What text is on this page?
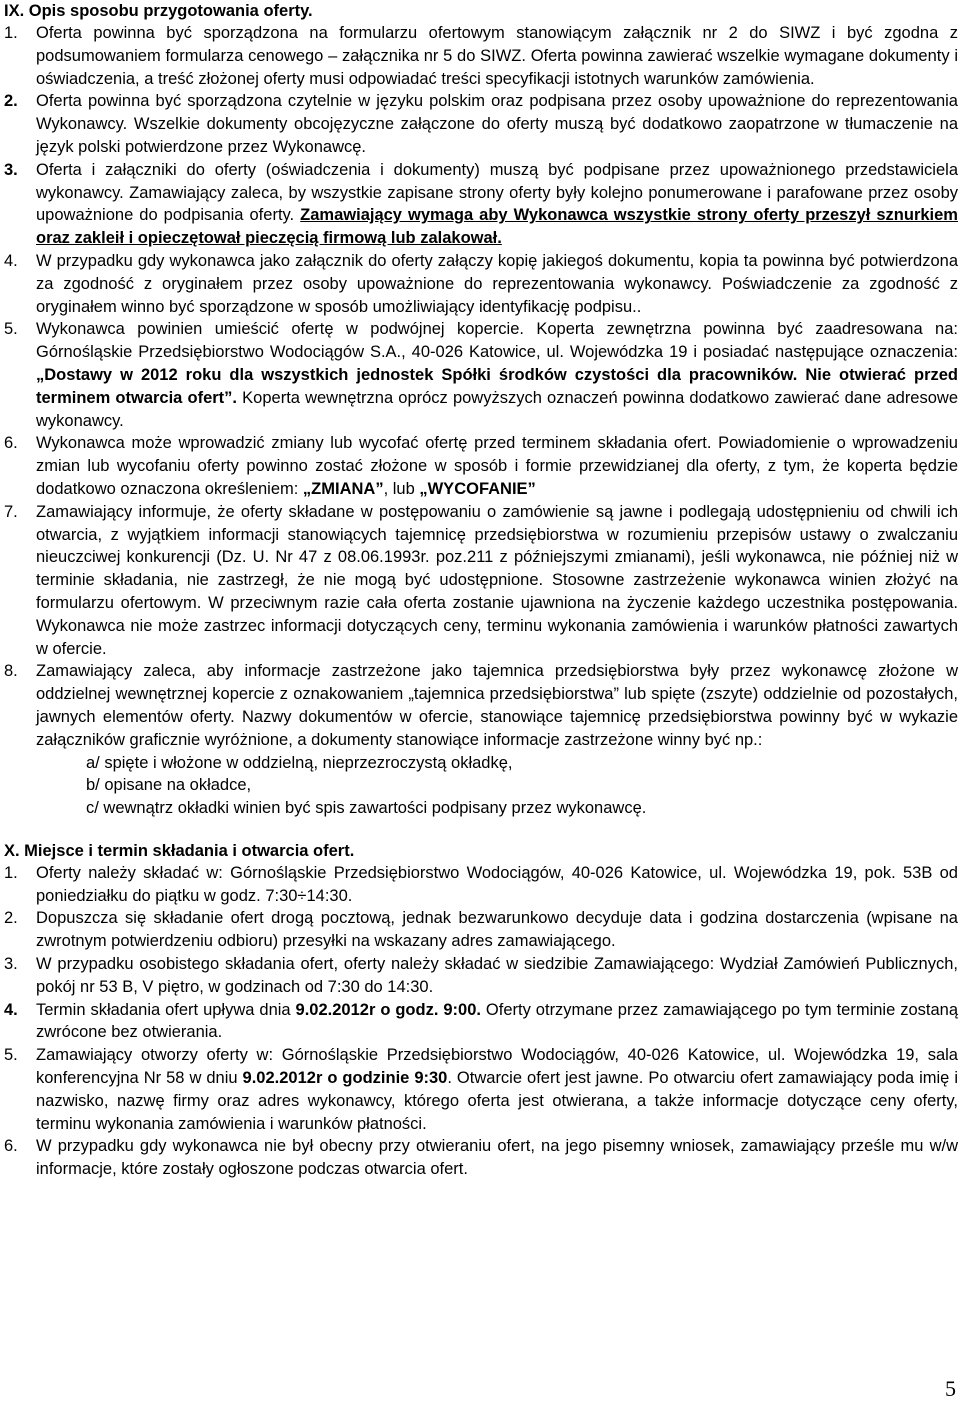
IX. Opis sposobu przygotowania oferty.
1.	Oferta powinna być sporządzona na formularzu ofertowym stanowiącym załącznik nr 2 do SIWZ i być zgodna z podsumowaniem formularza cenowego – załącznika nr 5 do SIWZ. Oferta powinna zawierać wszelkie wymagane dokumenty i oświadczenia, a treść złożonej oferty musi odpowiadać treści specyfikacji istotnych warunków zamówienia.
2.	Oferta powinna być sporządzona czytelnie w języku polskim oraz podpisana przez osoby upoważnione do reprezentowania Wykonawcy. Wszelkie dokumenty obcojęzyczne załączone do oferty muszą być dodatkowo zaopatrzone w tłumaczenie na język polski potwierdzone przez Wykonawcę.
3.	Oferta i załączniki do oferty (oświadczenia i dokumenty) muszą być podpisane przez upoważnionego przedstawiciela wykonawcy. Zamawiający zaleca, by wszystkie zapisane strony oferty były kolejno ponumerowane i parafowane przez osoby upoważnione do podpisania oferty. Zamawiający wymaga aby Wykonawca wszystkie strony oferty przeszył sznurkiem oraz zakleił i opieczętował pieczęcią firmową lub zalakował.
4.	W przypadku gdy wykonawca jako załącznik do oferty załączy kopię jakiegoś dokumentu, kopia ta powinna być potwierdzona za zgodność z oryginałem przez osoby upoważnione do reprezentowania wykonawcy. Poświadczenie za zgodność z oryginałem winno być sporządzone w sposób umożliwiający identyfikację podpisu..
5.	Wykonawca powinien umieścić ofertę w podwójnej kopercie. Koperta zewnętrzna powinna być zaadresowana na: Górnośląskie Przedsiębiorstwo Wodociągów S.A., 40-026 Katowice, ul. Wojewódzka 19 i posiadać następujące oznaczenia: „Dostawy w 2012 roku dla wszystkich jednostek Spółki środków czystości dla pracowników. Nie otwierać przed terminem otwarcia ofert”. Koperta wewnętrzna oprócz powyższych oznaczeń powinna dodatkowo zawierać dane adresowe wykonawcy.
6.	Wykonawca może wprowadzić zmiany lub wycofać ofertę przed terminem składania ofert. Powiadomienie o wprowadzeniu zmian lub wycofaniu oferty powinno zostać złożone w sposób i formie przewidzianej dla oferty, z tym, że koperta będzie dodatkowo oznaczona określeniem: „ZMIANA”, lub „WYCOFANIE”
7.	Zamawiający informuje, że oferty składane w postępowaniu o zamówienie są jawne i podlegają udostępnieniu od chwili ich otwarcia, z wyjątkiem informacji stanowiących tajemnicę przedsiębiorstwa w rozumieniu przepisów ustawy o zwalczaniu nieuczciwej konkurencji (Dz. U. Nr 47 z 08.06.1993r. poz.211 z późniejszymi zmianami), jeśli wykonawca, nie później niż w terminie składania, nie zastrzegł, że nie mogą być udostępnione. Stosowne zastrzeżenie wykonawca winien złożyć na formularzu ofertowym. W przeciwnym razie cała oferta zostanie ujawniona na życzenie każdego uczestnika postępowania. Wykonawca nie może zastrzec informacji dotyczących ceny, terminu wykonania zamówienia i warunków płatności zawartych w ofercie.
8.	Zamawiający zaleca, aby informacje zastrzeżone jako tajemnica przedsiębiorstwa były przez wykonawcę złożone w oddzielnej wewnętrznej kopercie z oznakowaniem „tajemnica przedsiębiorstwa” lub spięte (zszyte) oddzielnie od pozostałych, jawnych elementów oferty. Nazwy dokumentów w ofercie, stanowiące tajemnicę przedsiębiorstwa powinny być w wykazie załączników graficznie wyróżnione, a dokumenty stanowiące informacje zastrzeżone winny być np.:
a/ spięte i włożone w oddzielną, nieprzezroczystą okładkę,
b/ opisane na okładce,
c/ wewnątrz okładki winien być spis zawartości podpisany przez wykonawcę.
X. Miejsce i termin składania i otwarcia ofert.
1.	Oferty należy składać w: Górnośląskie Przedsiębiorstwo Wodociągów, 40-026 Katowice, ul. Wojewódzka 19, pok. 53B od poniedziałku do piątku w godz. 7:30÷14:30.
2.	Dopuszcza się składanie ofert drogą pocztową, jednak bezwarunkowo decyduje data i godzina dostarczenia (wpisane na zwrotnym potwierdzeniu odbioru) przesyłki na wskazany adres zamawiającego.
3.	W przypadku osobistego składania ofert, oferty należy składać w siedzibie Zamawiającego: Wydział Zamówień Publicznych, pokój nr 53 B, V piętro, w godzinach od 7:30 do 14:30.
4.	Termin składania ofert upływa dnia 9.02.2012r o godz. 9:00. Oferty otrzymane przez zamawiającego po tym terminie zostaną zwrócone bez otwierania.
5.	Zamawiający otworzy oferty w: Górnośląskie Przedsiębiorstwo Wodociągów, 40-026 Katowice, ul. Wojewódzka 19, sala konferencyjna Nr 58 w dniu 9.02.2012r o godzinie 9:30. Otwarcie ofert jest jawne. Po otwarciu ofert zamawiający poda imię i nazwisko, nazwę firmy oraz adres wykonawcy, którego oferta jest otwierana, a także informacje dotyczące ceny oferty, terminu wykonania zamówienia i warunków płatności.
6.	W przypadku gdy wykonawca nie był obecny przy otwieraniu ofert, na jego pisemny wniosek, zamawiający prześle mu w/w informacje, które zostały ogłoszone podczas otwarcia ofert.
5
